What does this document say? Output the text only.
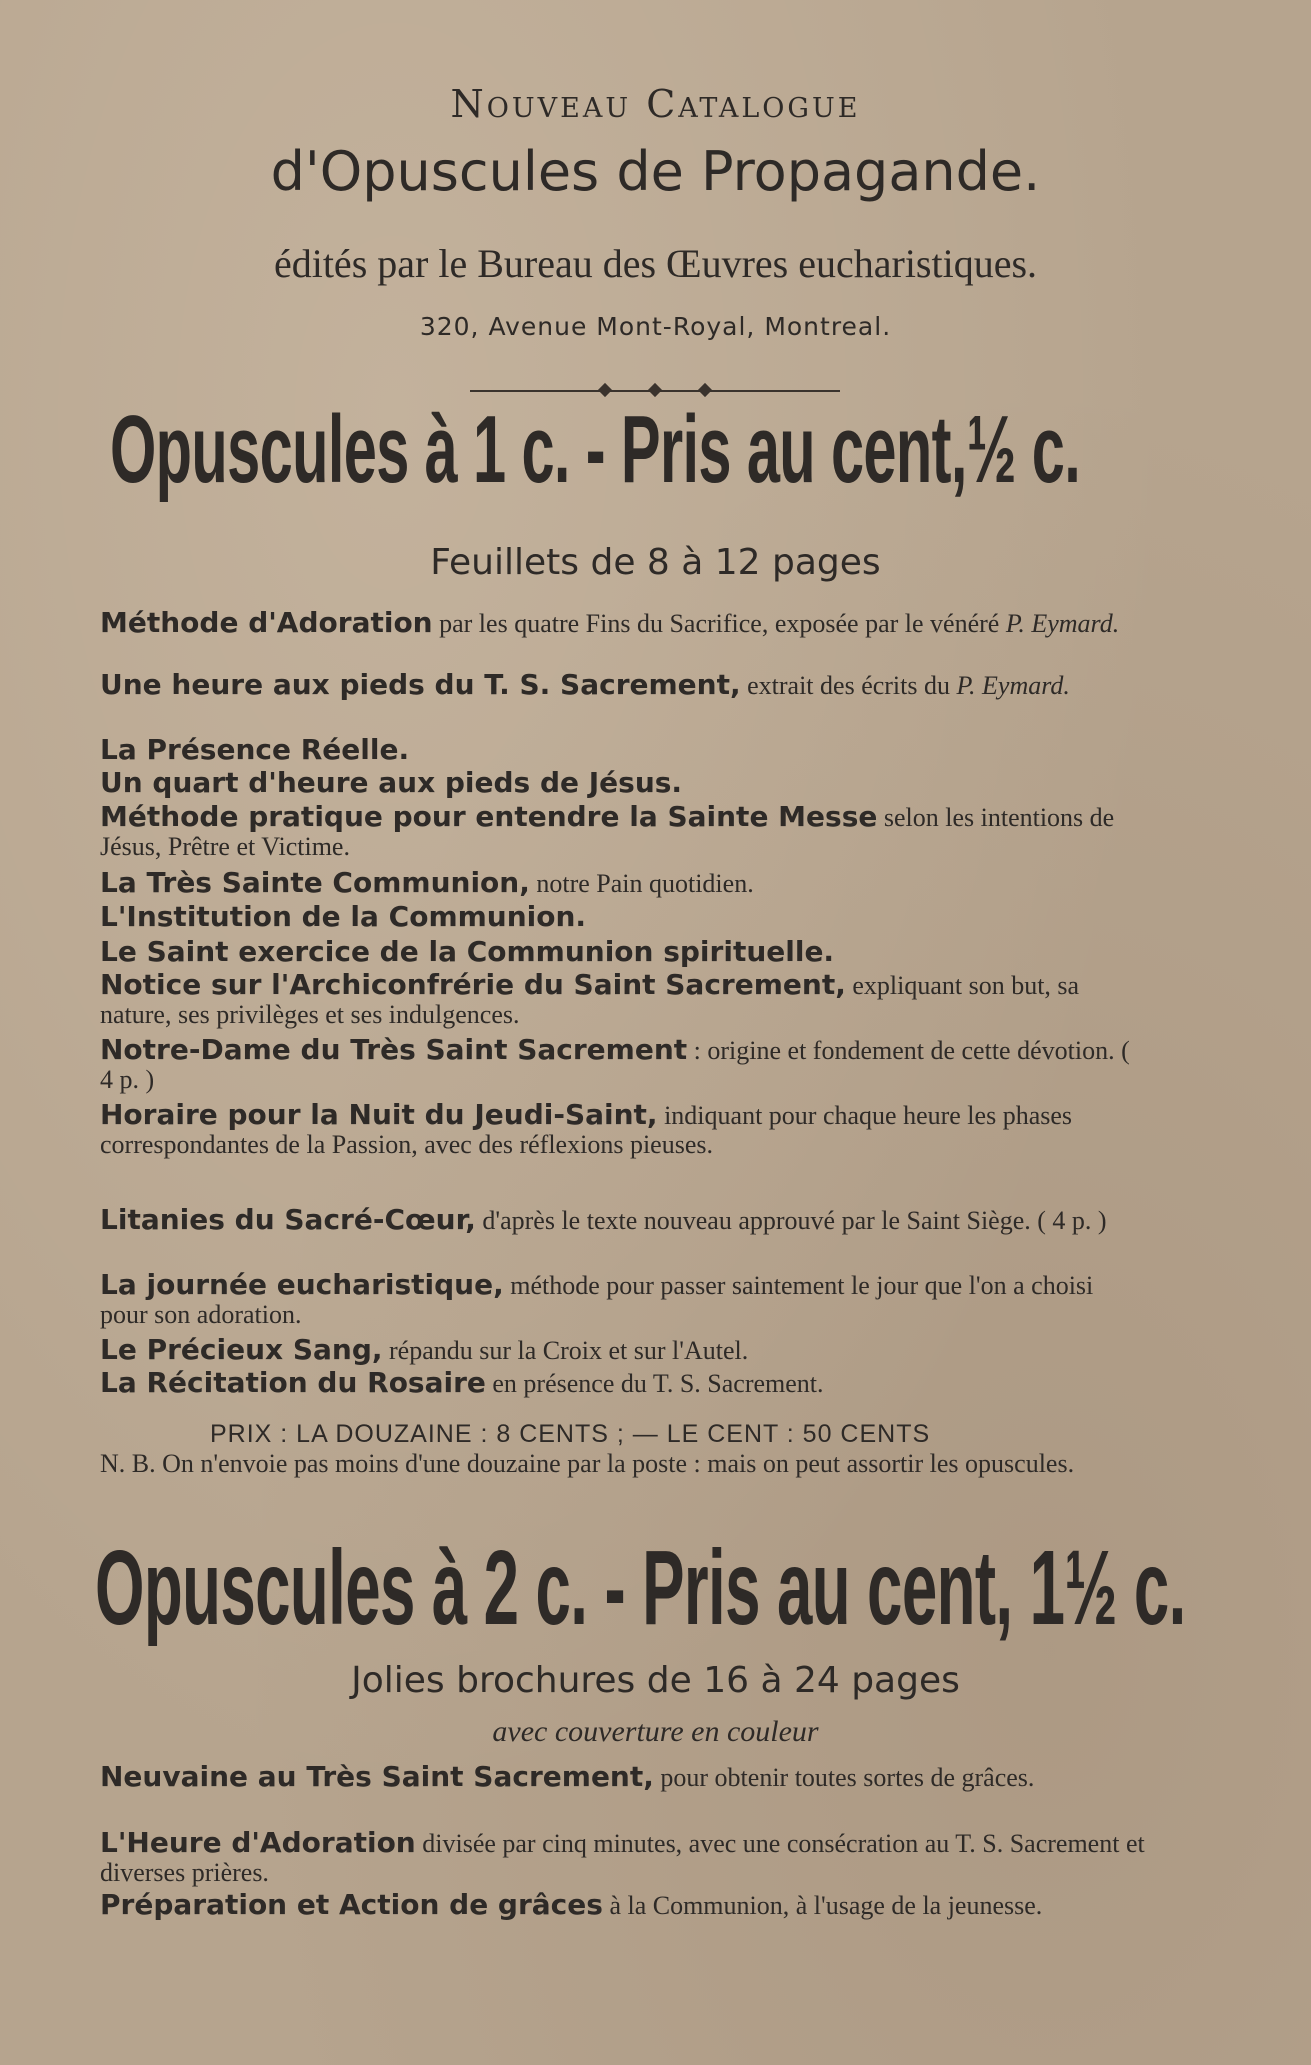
Nouveau Catalogue
d'Opuscules de Propagande.
édités par le Bureau des Œuvres eucharistiques.
320, Avenue Mont-Royal, Montreal.
Opuscules à 1 c. - Pris au cent,½ c.
Feuillets de 8 à 12 pages
Méthode d'Adoration par les quatre Fins du Sacrifice, exposée par le vénéré P. Eymard.
Une heure aux pieds du T. S. Sacrement, extrait des écrits du P. Eymard.
La Présence Réelle.
Un quart d'heure aux pieds de Jésus.
Méthode pratique pour entendre la Sainte Messe selon les intentions de Jésus, Prêtre et Victime.
La Très Sainte Communion, notre Pain quotidien.
L'Institution de la Communion.
Le Saint exercice de la Communion spirituelle.
Notice sur l'Archiconfrérie du Saint Sacrement, expliquant son but, sa nature, ses privilèges et ses indulgences.
Notre-Dame du Très Saint Sacrement : origine et fondement de cette dévotion. ( 4 p. )
Horaire pour la Nuit du Jeudi-Saint, indiquant pour chaque heure les phases correspondantes de la Passion, avec des réflexions pieuses.
Litanies du Sacré-Cœur, d'après le texte nouveau approuvé par le Saint Siège. ( 4 p. )
La journée eucharistique, méthode pour passer saintement le jour que l'on a choisi pour son adoration.
Le Précieux Sang, répandu sur la Croix et sur l'Autel.
La Récitation du Rosaire en présence du T. S. Sacrement.
PRIX : LA DOUZAINE : 8 CENTS ; — LE CENT : 50 CENTS
N. B. On n'envoie pas moins d'une douzaine par la poste : mais on peut assortir les opuscules.
Opuscules à 2 c. - Pris au cent, 1½ c.
Jolies brochures de 16 à 24 pages
avec couverture en couleur
Neuvaine au Très Saint Sacrement, pour obtenir toutes sortes de grâces.
L'Heure d'Adoration divisée par cinq minutes, avec une consécration au T. S. Sacrement et diverses prières.
Préparation et Action de grâces à la Communion, à l'usage de la jeunesse.
